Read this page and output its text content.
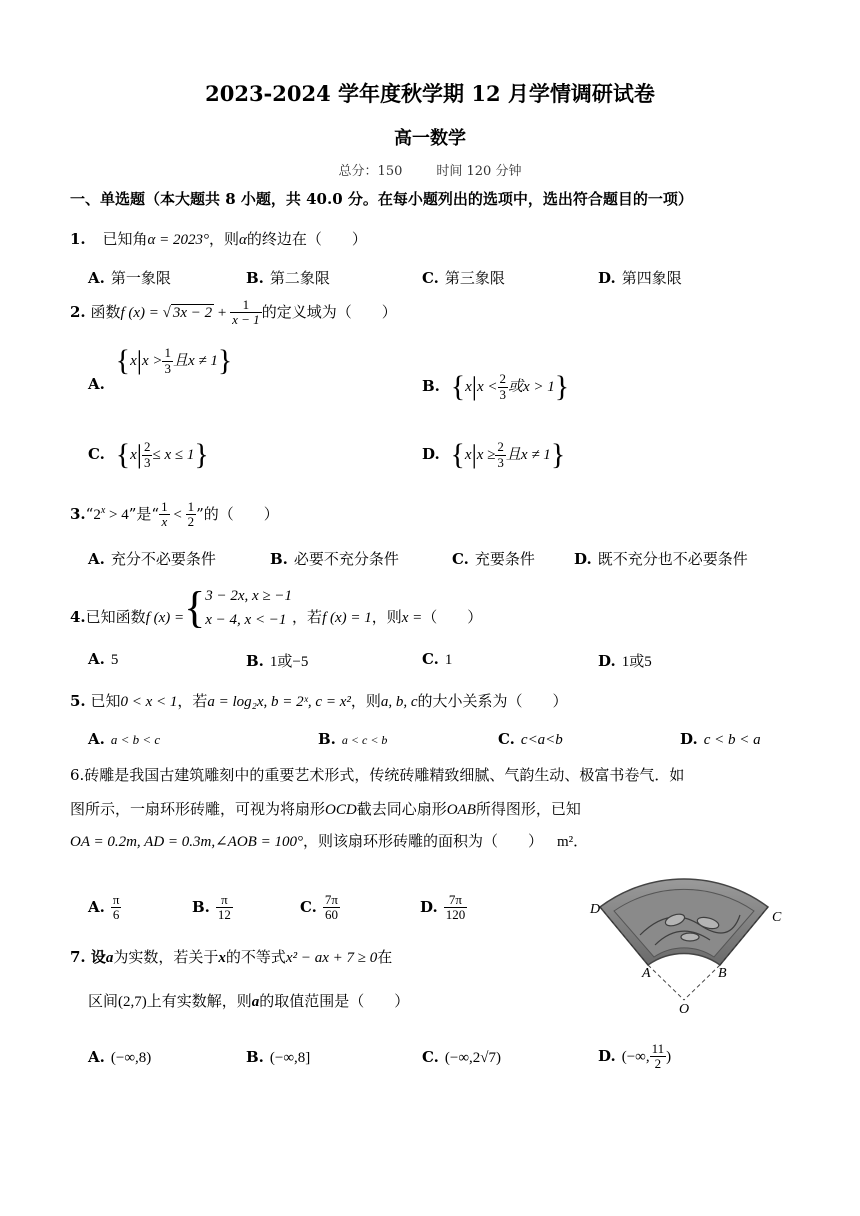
2023-2024 学年度秋学期 12 月学情调研试卷
高一数学
总分：150	时间 120 分钟
一、单选题（本大题共 8 小题，共 40.0 分。在每小题列出的选项中，选出符合题目的一项）
1. 已知角α = 2023°，则α的终边在（　　）
A. 第一象限	B. 第二象限	C. 第三象限	D. 第四象限
2. 函数f (x) = √ $3x - 2 + \frac{1}{x - 1}$ 的定义域为（　　）
A. {$x|x > \frac{1}{3}$ 且x ≠ 1}
B. {$x|x < \frac{2}{3}$ 或x > 1}
C. $\{x| \frac{2}{3} \le x \le 1\}$	D. {$x|x \ge \frac{2}{3}$ 且x ≠ 1}
$3.“2^x > 4$”是“ $\frac{1}{x} < \frac{1}{2}$ ”的（　　）
A. 充分不必要条件	B. 必要不充分条件	C. 充要条件	D. 既不充分也不必要条件
4.已知函数f (x) ={ 3 − 2x, x ≥ −1
x − 4, x < −1 ，若f (x) = 1，则x =（　　）
A. 5	B. 1或−5	C. 1	D. 1或5
5. 已知0 < x < 1，若a = log₂x, b = 2ˣ, c = x²，则a, b, c的大小关系为（　　）
A. a < b < c	B. a < c < b	C. c<a<b	D. c < b < a
6.砖雕是我国古建筑雕刻中的重要艺术形式，传统砖雕精致细腻、气韵生动、极富书卷气．如
图所示，一扇环形砖雕，可视为将扇形OCD截去同心扇形OAB所得图形，已知
OA = 0.2m, AD = 0.3m,∠AOB = 100°，则该扇环形砖雕的面积为（　　） m²．
A. $\frac{\pi}{6}$	B. $\frac{\pi}{12}$	C. $\frac{7\pi}{60}$	D. $\frac{7\pi}{120}$	D
C
A	B
O
7. 设a为实数，若关于x的不等式x² − ax + 7 ≥ 0在
区间(2,7)上有实数解，则a的取值范围是（　　）
A. (−∞,8)	B. (−∞,8]	C. (−∞,2√7)	D. (−∞, $\frac{11}{2}$ )
